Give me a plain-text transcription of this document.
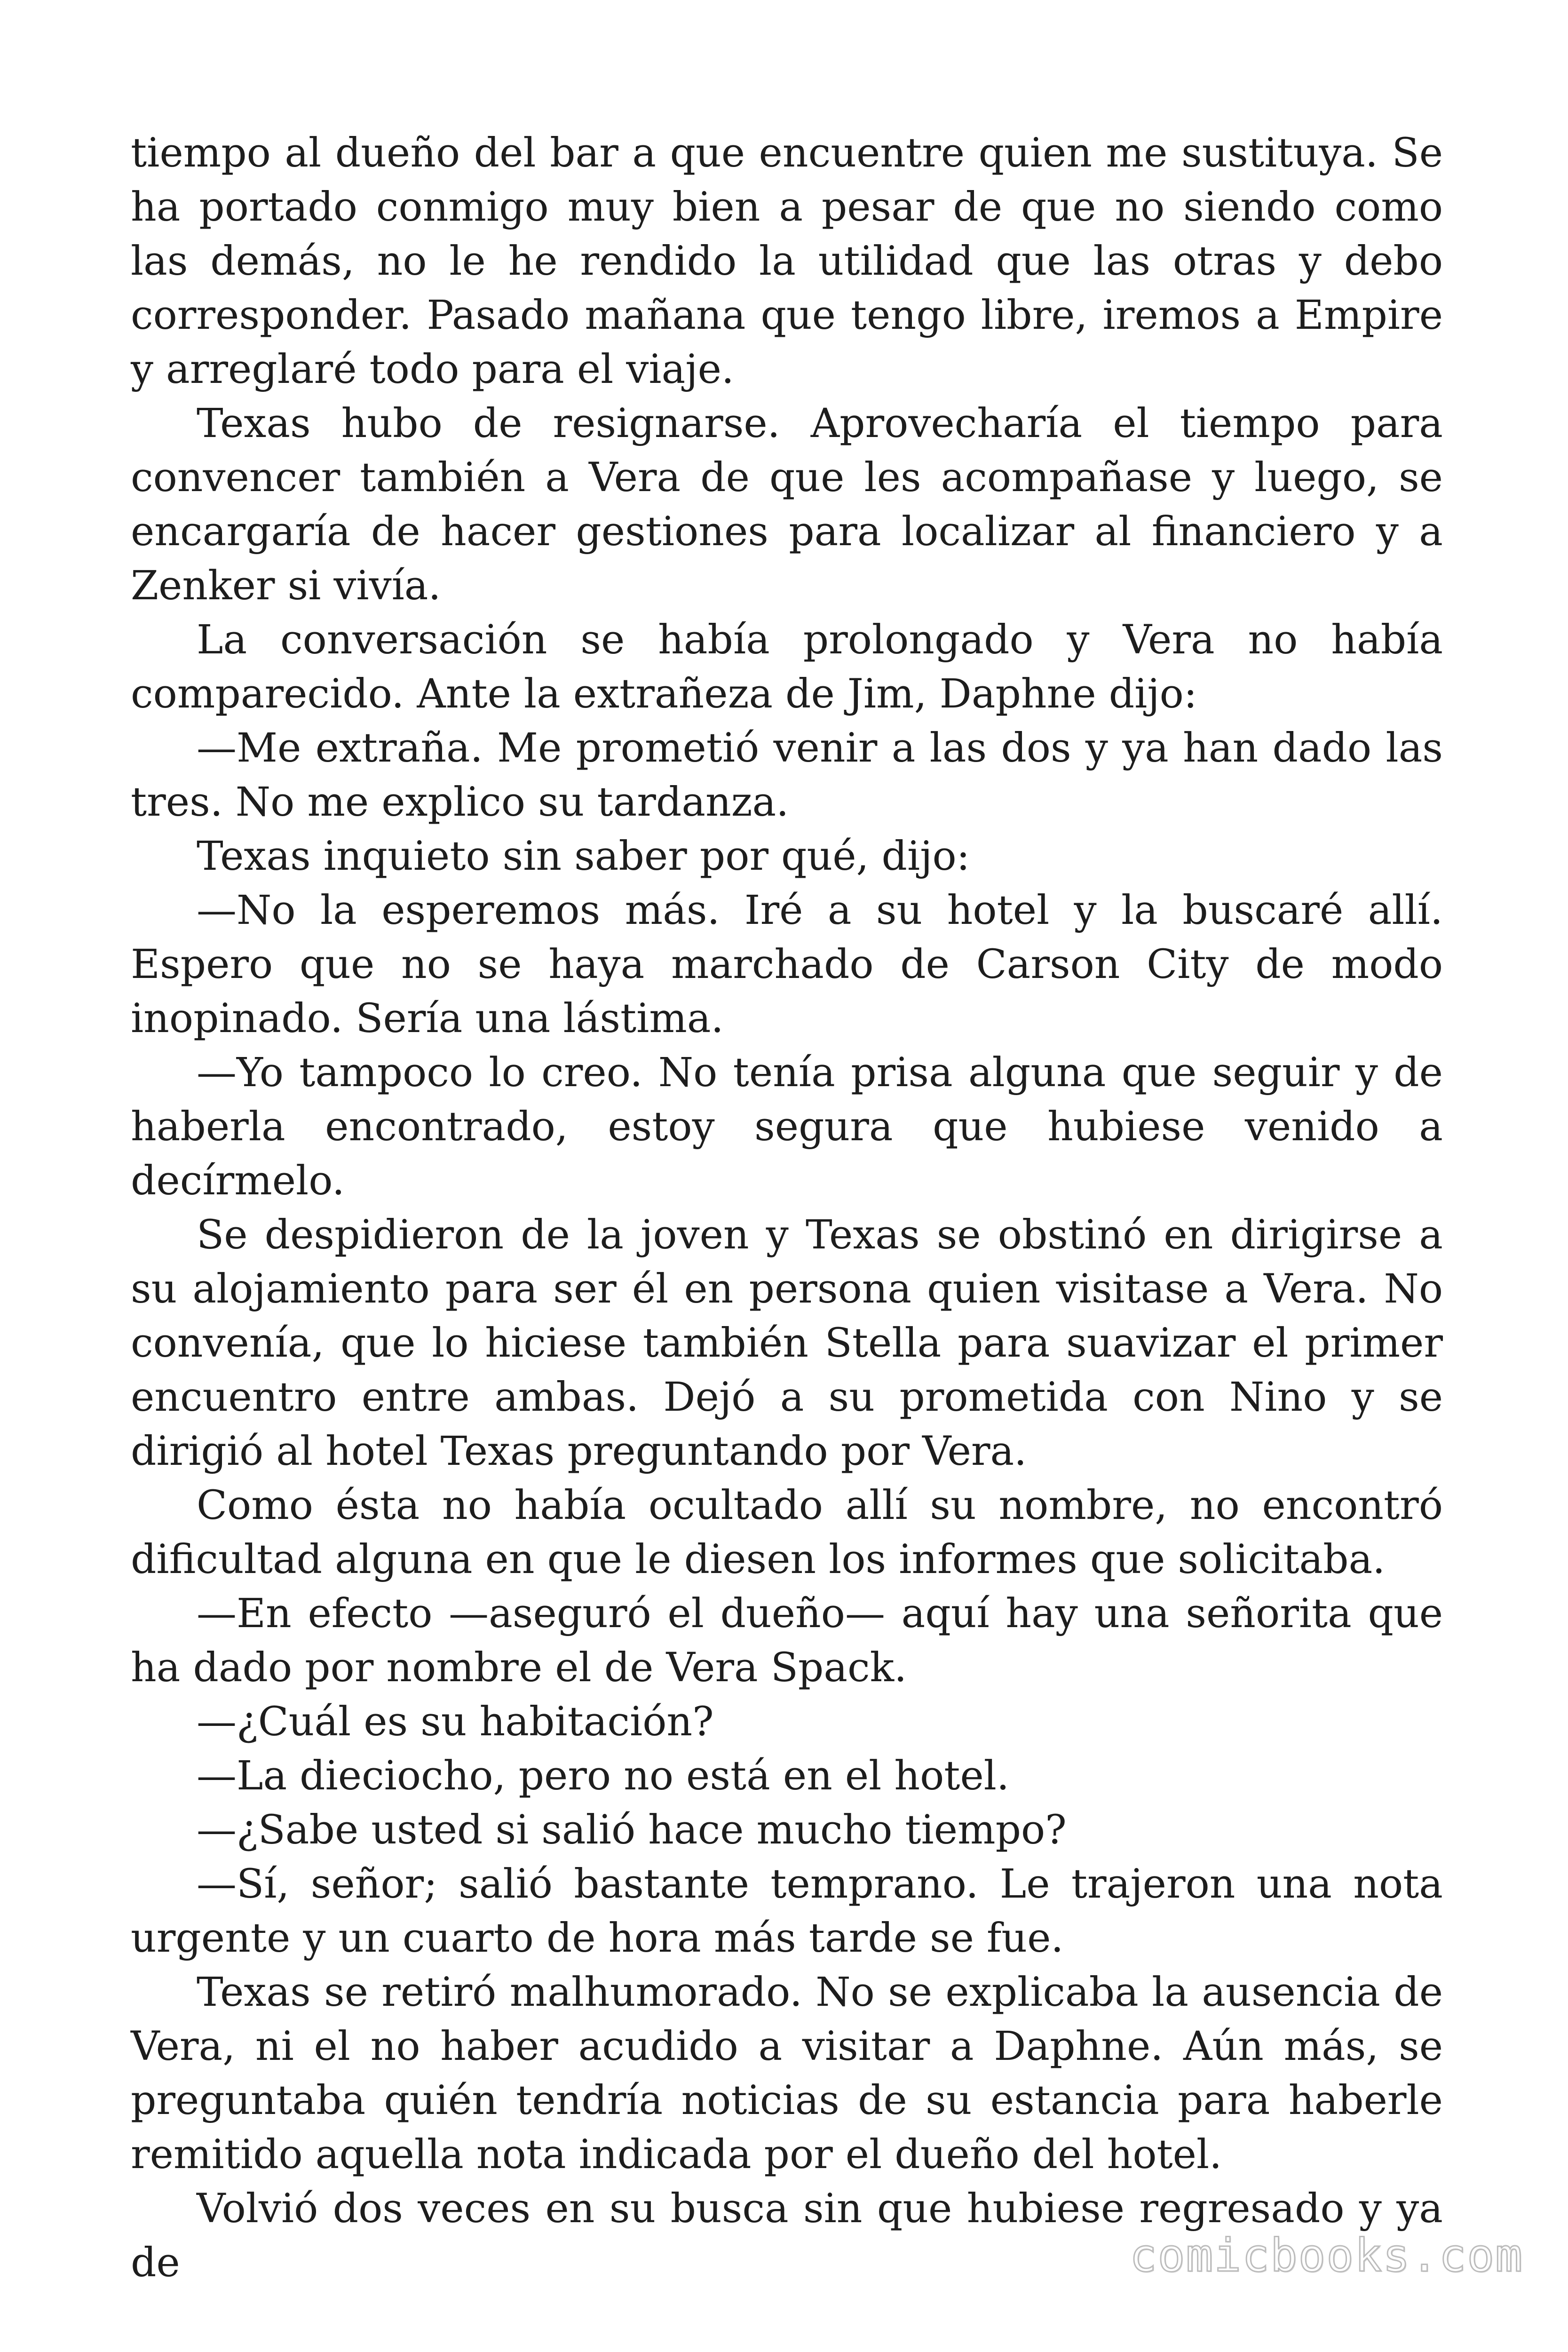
tiempo al dueño del bar a que encuentre quien me sustituya. Se ha portado conmigo muy bien a pesar de que no siendo como las demás, no le he rendido la utilidad que las otras y debo corresponder. Pasado mañana que tengo libre, iremos a Empire y arreglaré todo para el viaje.

Texas hubo de resignarse. Aprovecharía el tiempo para convencer también a Vera de que les acompañase y luego, se encargaría de hacer gestiones para localizar al financiero y a Zenker si vivía.

La conversación se había prolongado y Vera no había comparecido. Ante la extrañeza de Jim, Daphne dijo:

—Me extraña. Me prometió venir a las dos y ya han dado las tres. No me explico su tardanza.

Texas inquieto sin saber por qué, dijo:

—No la esperemos más. Iré a su hotel y la buscaré allí. Espero que no se haya marchado de Carson City de modo inopinado. Sería una lástima.

—Yo tampoco lo creo. No tenía prisa alguna que seguir y de haberla encontrado, estoy segura que hubiese venido a decírmelo.

Se despidieron de la joven y Texas se obstinó en dirigirse a su alojamiento para ser él en persona quien visitase a Vera. No convenía, que lo hiciese también Stella para suavizar el primer encuentro entre ambas. Dejó a su prometida con Nino y se dirigió al hotel Texas preguntando por Vera.

Como ésta no había ocultado allí su nombre, no encontró dificultad alguna en que le diesen los informes que solicitaba.

—En efecto —aseguró el dueño— aquí hay una señorita que ha dado por nombre el de Vera Spack.

—¿Cuál es su habitación?

—La dieciocho, pero no está en el hotel.

—¿Sabe usted si salió hace mucho tiempo?

—Sí, señor; salió bastante temprano. Le trajeron una nota urgente y un cuarto de hora más tarde se fue.

Texas se retiró malhumorado. No se explicaba la ausencia de Vera, ni el no haber acudido a visitar a Daphne. Aún más, se preguntaba quién tendría noticias de su estancia para haberle remitido aquella nota indicada por el dueño del hotel.

Volvió dos veces en su busca sin que hubiese regresado y ya de	comicbooks.com
